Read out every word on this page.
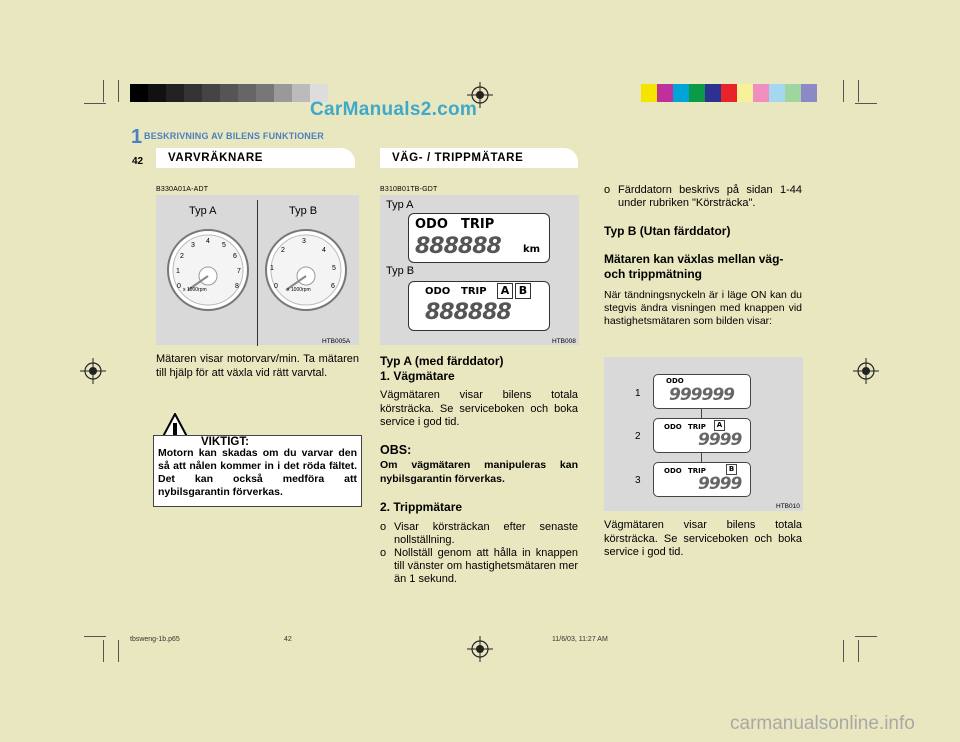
CarManuals2.com
1 BESKRIVNING AV BILENS FUNKTIONER
42 VARVRÄKNARE	VÄG- / TRIPPMÄTARE
B330A01A-ADT
Typ A	Typ B
x 1000rpm
0
1
2
3
4
5
6
7
8	x 1000rpm
0
1
2
3
4
5
6
HTB005A
Mätaren visar motorvarv/min. Ta mätaren till hjälp för att växla vid rätt varvtal.
VIKTIGT:
Motorn kan skadas om du varvar den så att nålen kommer in i det röda fältet. Det kan också medföra att nybilsgarantin förverkas.
B310B01TB-GDT
Typ A
ODO TRIP
888888 km
Typ B
ODO TRIP	A B
888888
HTB008
Typ A (med färddator)
1. Vägmätare
Vägmätaren visar bilens totala körsträcka. Se serviceboken och boka service i god tid.
OBS:
Om vägmätaren manipuleras kan nybilsgarantin förverkas.
2. Trippmätare
o Visar körsträckan efter senaste nollställning.
o Nollställ genom att hålla in knappen till vänster om hastighetsmätaren mer än 1 sekund.
o Färddatorn beskrivs på sidan 1-44 under rubriken "Körsträcka".
Typ B (Utan färddator)
Mätaren kan växlas mellan väg- och trippmätning
När tändningsnyckeln är i läge ON kan du stegvis ändra visningen med knappen vid hastighetsmätaren som bilden visar:
1
2
3
ODO
999999
ODO TRIP	A
9999
ODO TRIP	B
9999
HTB010
Vägmätaren visar bilens totala körsträcka. Se serviceboken och boka service i god tid.
tbsweng-1b.p65	42	11/6/03, 11:27 AM
carmanualsonline.info
